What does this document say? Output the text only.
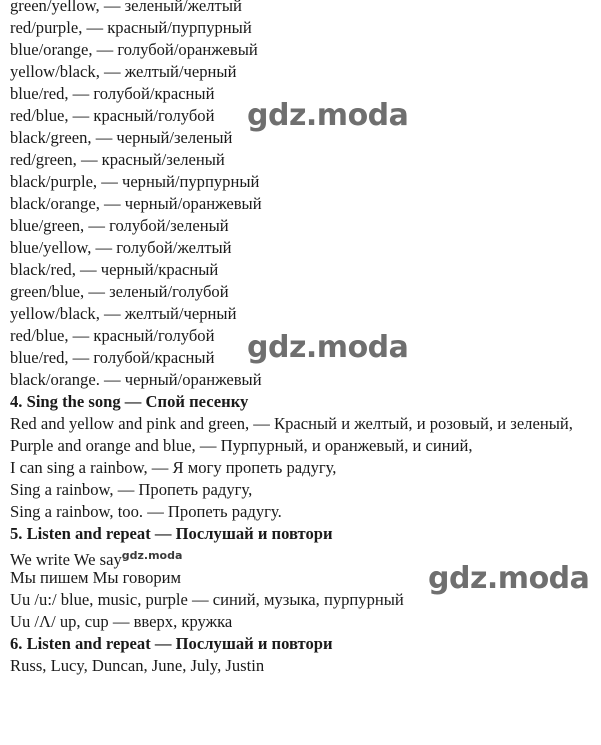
green/yellow, — зеленый/желтый
red/purple, — красный/пурпурный
blue/orange, — голубой/оранжевый
yellow/black, — желтый/черный
blue/red, — голубой/красный
red/blue, — красный/голубой
black/green, — черный/зеленый
red/green, — красный/зеленый
black/purple, — черный/пурпурный
black/orange, — черный/оранжевый
blue/green, — голубой/зеленый
blue/yellow, — голубой/желтый
black/red, — черный/красный
green/blue, — зеленый/голубой
yellow/black, — желтый/черный
red/blue, — красный/голубой
blue/red, — голубой/красный
black/orange. — черный/оранжевый
4. Sing the song — Спой песенку
Red and yellow and pink and green, — Красный и желтый, и розовый, и зеленый,
Purple and orange and blue, — Пурпурный, и оранжевый, и синий,
I can sing a rainbow, — Я могу пропеть радугу,
Sing a rainbow, — Пропеть радугу,
Sing a rainbow, too. — Пропеть радугу.
5. Listen and repeat — Послушай и повтори
We write We saygdz.moda
Мы пишем Мы говорим
Uu /u:/ blue, music, purple — синий, музыка, пурпурный
Uu /Λ/ up, cup — вверх, кружка
6. Listen and repeat — Послушай и повтори
Russ, Lucy, Duncan, June, July, Justin
gdz.moda
gdz.moda
gdz.moda
